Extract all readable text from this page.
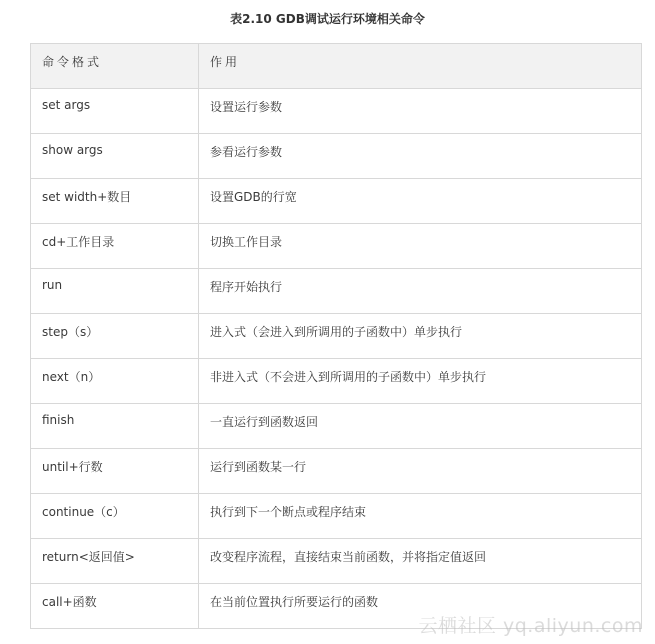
表2.10 GDB调试运行环境相关命令
命令格式	作用
set args	设置运行参数
show args	参看运行参数
set width+数目	设置GDB的行宽
cd+工作目录	切换工作目录
run	程序开始执行
step（s）	进入式（会进入到所调用的子函数中）单步执行
next（n）	非进入式（不会进入到所调用的子函数中）单步执行
finish	一直运行到函数返回
until+行数	运行到函数某一行
continue（c）	执行到下一个断点或程序结束
return<返回值>	改变程序流程，直接结束当前函数，并将指定值返回
call+函数	在当前位置执行所要运行的函数
云栖社区 yq.aliyun.com
